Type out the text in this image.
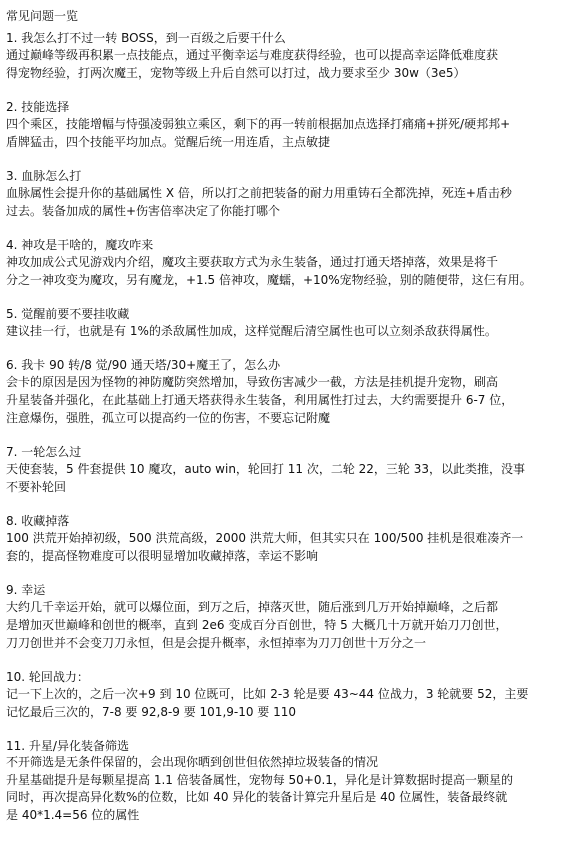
常见问题一览
1. 我怎么打不过一转 BOSS，到一百级之后要干什么
通过巅峰等级再积累一点技能点，通过平衡幸运与难度获得经验，也可以提高幸运降低难度获
得宠物经验，打两次魔王，宠物等级上升后自然可以打过，战力要求至少 30w（3e5）
2. 技能选择
四个乘区，技能增幅与恃强凌弱独立乘区，剩下的再一转前根据加点选择打痛痛+拼死/硬邦邦+
盾牌猛击，四个技能平均加点。觉醒后统一用连盾，主点敏捷
3. 血脉怎么打
血脉属性会提升你的基础属性 X 倍，所以打之前把装备的耐力用重铸石全都洗掉，死连+盾击秒
过去。装备加成的属性+伤害倍率决定了你能打哪个
4. 神攻是干啥的，魔攻咋来
神攻加成公式见游戏内介绍，魔攻主要获取方式为永生装备，通过打通天塔掉落，效果是将千
分之一神攻变为魔攻，另有魔龙，+1.5 倍神攻，魔蠕，+10%宠物经验，别的随便带，这仨有用。
5. 觉醒前要不要挂收藏
建议挂一行，也就是有 1%的杀敌属性加成，这样觉醒后清空属性也可以立刻杀敌获得属性。
6. 我卡 90 转/8 觉/90 通天塔/30+魔王了，怎么办
会卡的原因是因为怪物的神防魔防突然增加，导致伤害减少一截，方法是挂机提升宠物，刷高
升星装备并强化，在此基础上打通天塔获得永生装备，利用属性打过去，大约需要提升 6-7 位，
注意爆伤，强胜，孤立可以提高约一位的伤害，不要忘记附魔
7. 一轮怎么过
天使套装，5 件套提供 10 魔攻，auto win，轮回打 11 次，二轮 22，三轮 33，以此类推，没事
不要补轮回
8. 收藏掉落
100 洪荒开始掉初级，500 洪荒高级，2000 洪荒大师，但其实只在 100/500 挂机是很难凑齐一
套的，提高怪物难度可以很明显增加收藏掉落，幸运不影响
9. 幸运
大约几千幸运开始，就可以爆位面，到万之后，掉落灭世，随后涨到几万开始掉巅峰，之后都
是增加灭世巅峰和创世的概率，直到 2e6 变成百分百创世，特 5 大概几十万就开始刀刀创世，
刀刀创世并不会变刀刀永恒，但是会提升概率，永恒掉率为刀刀创世十万分之一
10. 轮回战力：
记一下上次的，之后一次+9 到 10 位既可，比如 2-3 轮是要 43~44 位战力，3 轮就要 52，主要
记忆最后三次的，7-8 要 92,8-9 要 101,9-10 要 110
11. 升星/异化装备筛选
不开筛选是无条件保留的，会出现你晒到创世但依然掉垃圾装备的情况
升星基础提升是每颗星提高 1.1 倍装备属性，宠物每 50+0.1，异化是计算数据时提高一颗星的
同时，再次提高异化数%的位数，比如 40 异化的装备计算完升星后是 40 位属性，装备最终就
是 40*1.4=56 位的属性
